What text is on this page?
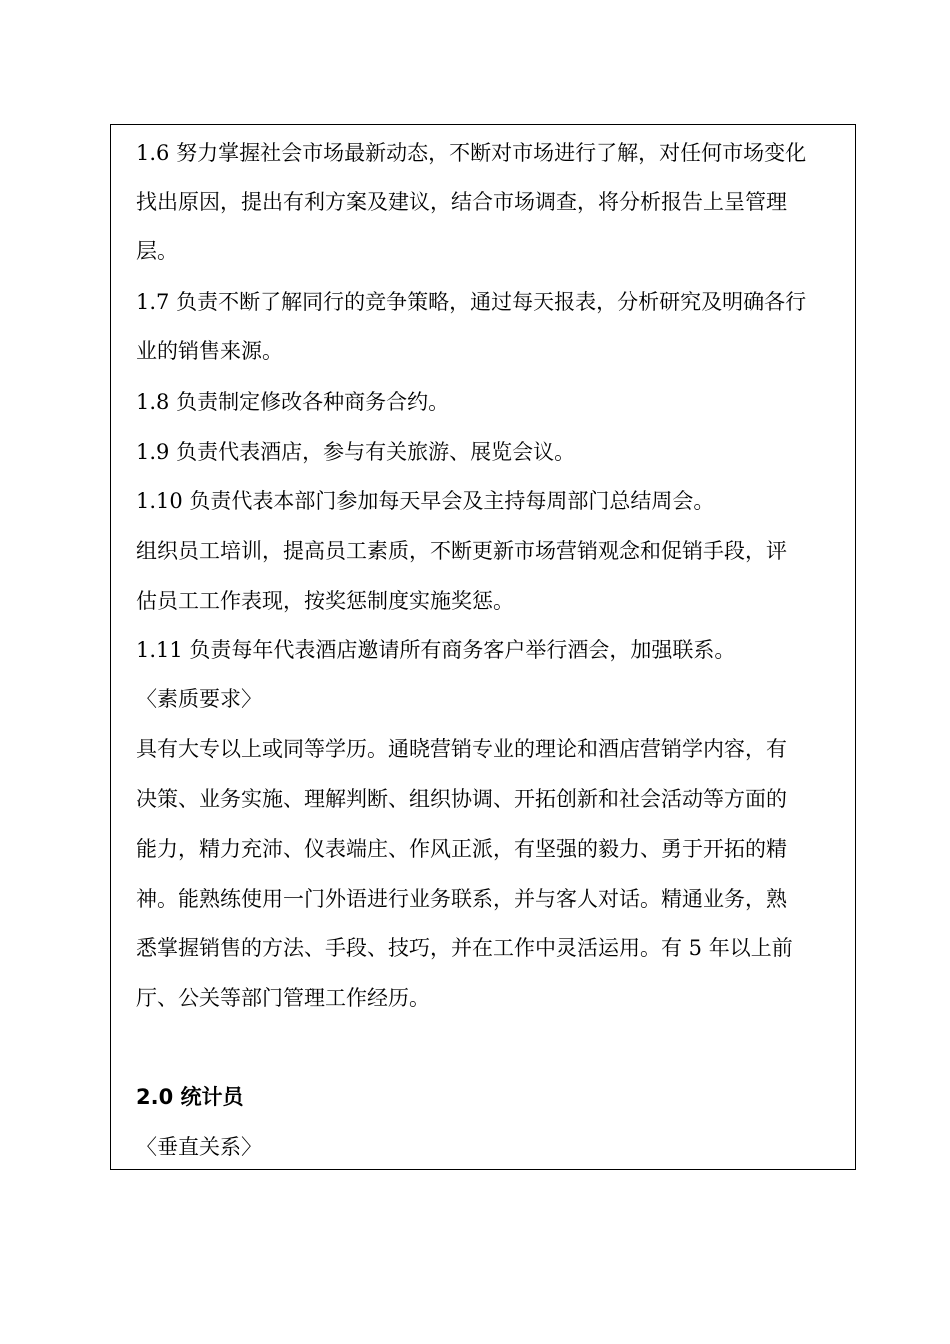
1.6 努力掌握社会市场最新动态，不断对市场进行了解，对任何市场变化
找出原因，提出有利方案及建议，结合市场调查，将分析报告上呈管理
层。
1.7 负责不断了解同行的竞争策略，通过每天报表，分析研究及明确各行
业的销售来源。
1.8 负责制定修改各种商务合约。
1.9 负责代表酒店，参与有关旅游、展览会议。
1.10 负责代表本部门参加每天早会及主持每周部门总结周会。
组织员工培训，提高员工素质，不断更新市场营销观念和促销手段，评
估员工工作表现，按奖惩制度实施奖惩。
1.11 负责每年代表酒店邀请所有商务客户举行酒会，加强联系。
〈素质要求〉
具有大专以上或同等学历。通晓营销专业的理论和酒店营销学内容，有
决策、业务实施、理解判断、组织协调、开拓创新和社会活动等方面的
能力，精力充沛、仪表端庄、作风正派，有坚强的毅力、勇于开拓的精
神。能熟练使用一门外语进行业务联系，并与客人对话。精通业务，熟
悉掌握销售的方法、手段、技巧，并在工作中灵活运用。有 5 年以上前
厅、公关等部门管理工作经历。
2.0 统计员
〈垂直关系〉
